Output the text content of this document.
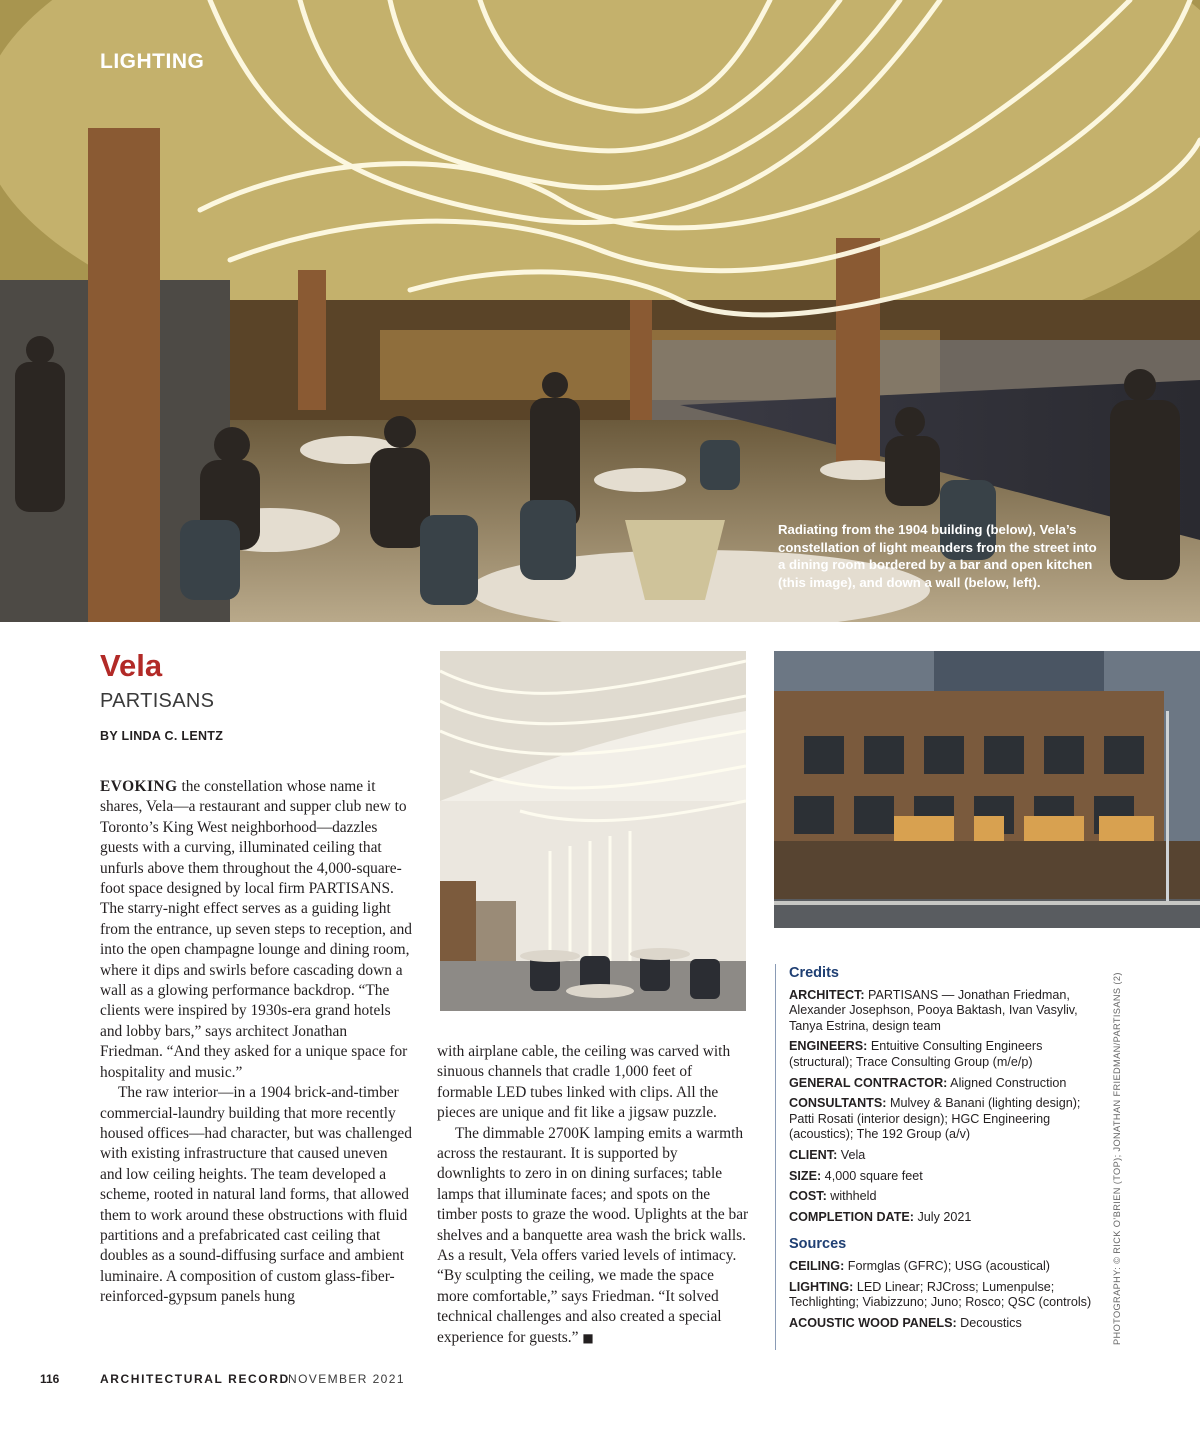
LIGHTING
Radiating from the 1904 building (below), Vela’s constellation of light meanders from the street into a dining room bordered by a bar and open kitchen (this image), and down a wall (below, left).
Vela
PARTISANS
BY LINDA C. LENTZ

EVOKING the constellation whose name it shares, Vela—a restaurant and supper club new to Toronto’s King West neighborhood—dazzles guests with a curving, illuminated ceiling that unfurls above them throughout the 4,000-square-foot space designed by local firm PARTISANS. The starry-night effect serves as a guiding light from the entrance, up seven steps to reception, and into the open champagne lounge and dining room, where it dips and swirls before cascading down a wall as a glowing performance backdrop. “The clients were inspired by 1930s-era grand hotels and lobby bars,” says architect Jonathan Friedman. “And they asked for a unique space for hospitality and music.”

The raw interior—in a 1904 brick-and-timber commercial-laundry building that more recently housed offices—had character, but was challenged with existing infrastructure that caused uneven and low ceiling heights. The team developed a scheme, rooted in natural land forms, that allowed them to work around these obstructions with fluid partitions and a prefabricated cast ceiling that doubles as a sound-diffusing surface and ambient luminaire. A composition of custom glass-fiber-reinforced-gypsum panels hung

with airplane cable, the ceiling was carved with sinuous channels that cradle 1,000 feet of formable LED tubes linked with clips. All the pieces are unique and fit like a jigsaw puzzle.

The dimmable 2700K lamping emits a warmth across the restaurant. It is supported by downlights to zero in on dining surfaces; table lamps that illuminate faces; and spots on the timber posts to graze the wood. Uplights at the bar shelves and a banquette area wash the brick walls. As a result, Vela offers varied levels of intimacy. “By sculpting the ceiling, we made the space more comfortable,” says Friedman. “It solved technical challenges and also created a special experience for guests.” ■

Credits
ARCHITECT: PARTISANS — Jonathan Friedman, Alexander Josephson, Pooya Baktash, Ivan Vasyliv, Tanya Estrina, design team
ENGINEERS: Entuitive Consulting Engineers (structural); Trace Consulting Group (m/e/p)
GENERAL CONTRACTOR: Aligned Construction
CONSULTANTS: Mulvey & Banani (lighting design); Patti Rosati (interior design); HGC Engineering (acoustics); The 192 Group (a/v)
CLIENT: Vela
SIZE: 4,000 square feet
COST: withheld
COMPLETION DATE: July 2021
Sources
CEILING: Formglas (GFRC); USG (acoustical)
LIGHTING: LED Linear; RJCross; Lumenpulse; Techlighting; Viabizzuno; Juno; Rosco; QSC (controls)
ACOUSTIC WOOD PANELS: Decoustics	PHOTOGRAPHY: © RICK O’BRIEN (TOP); JONATHAN FRIEDMAN/PARTISANS (2)
116	ARCHITECTURAL RECORD
NOVEMBER 2021
